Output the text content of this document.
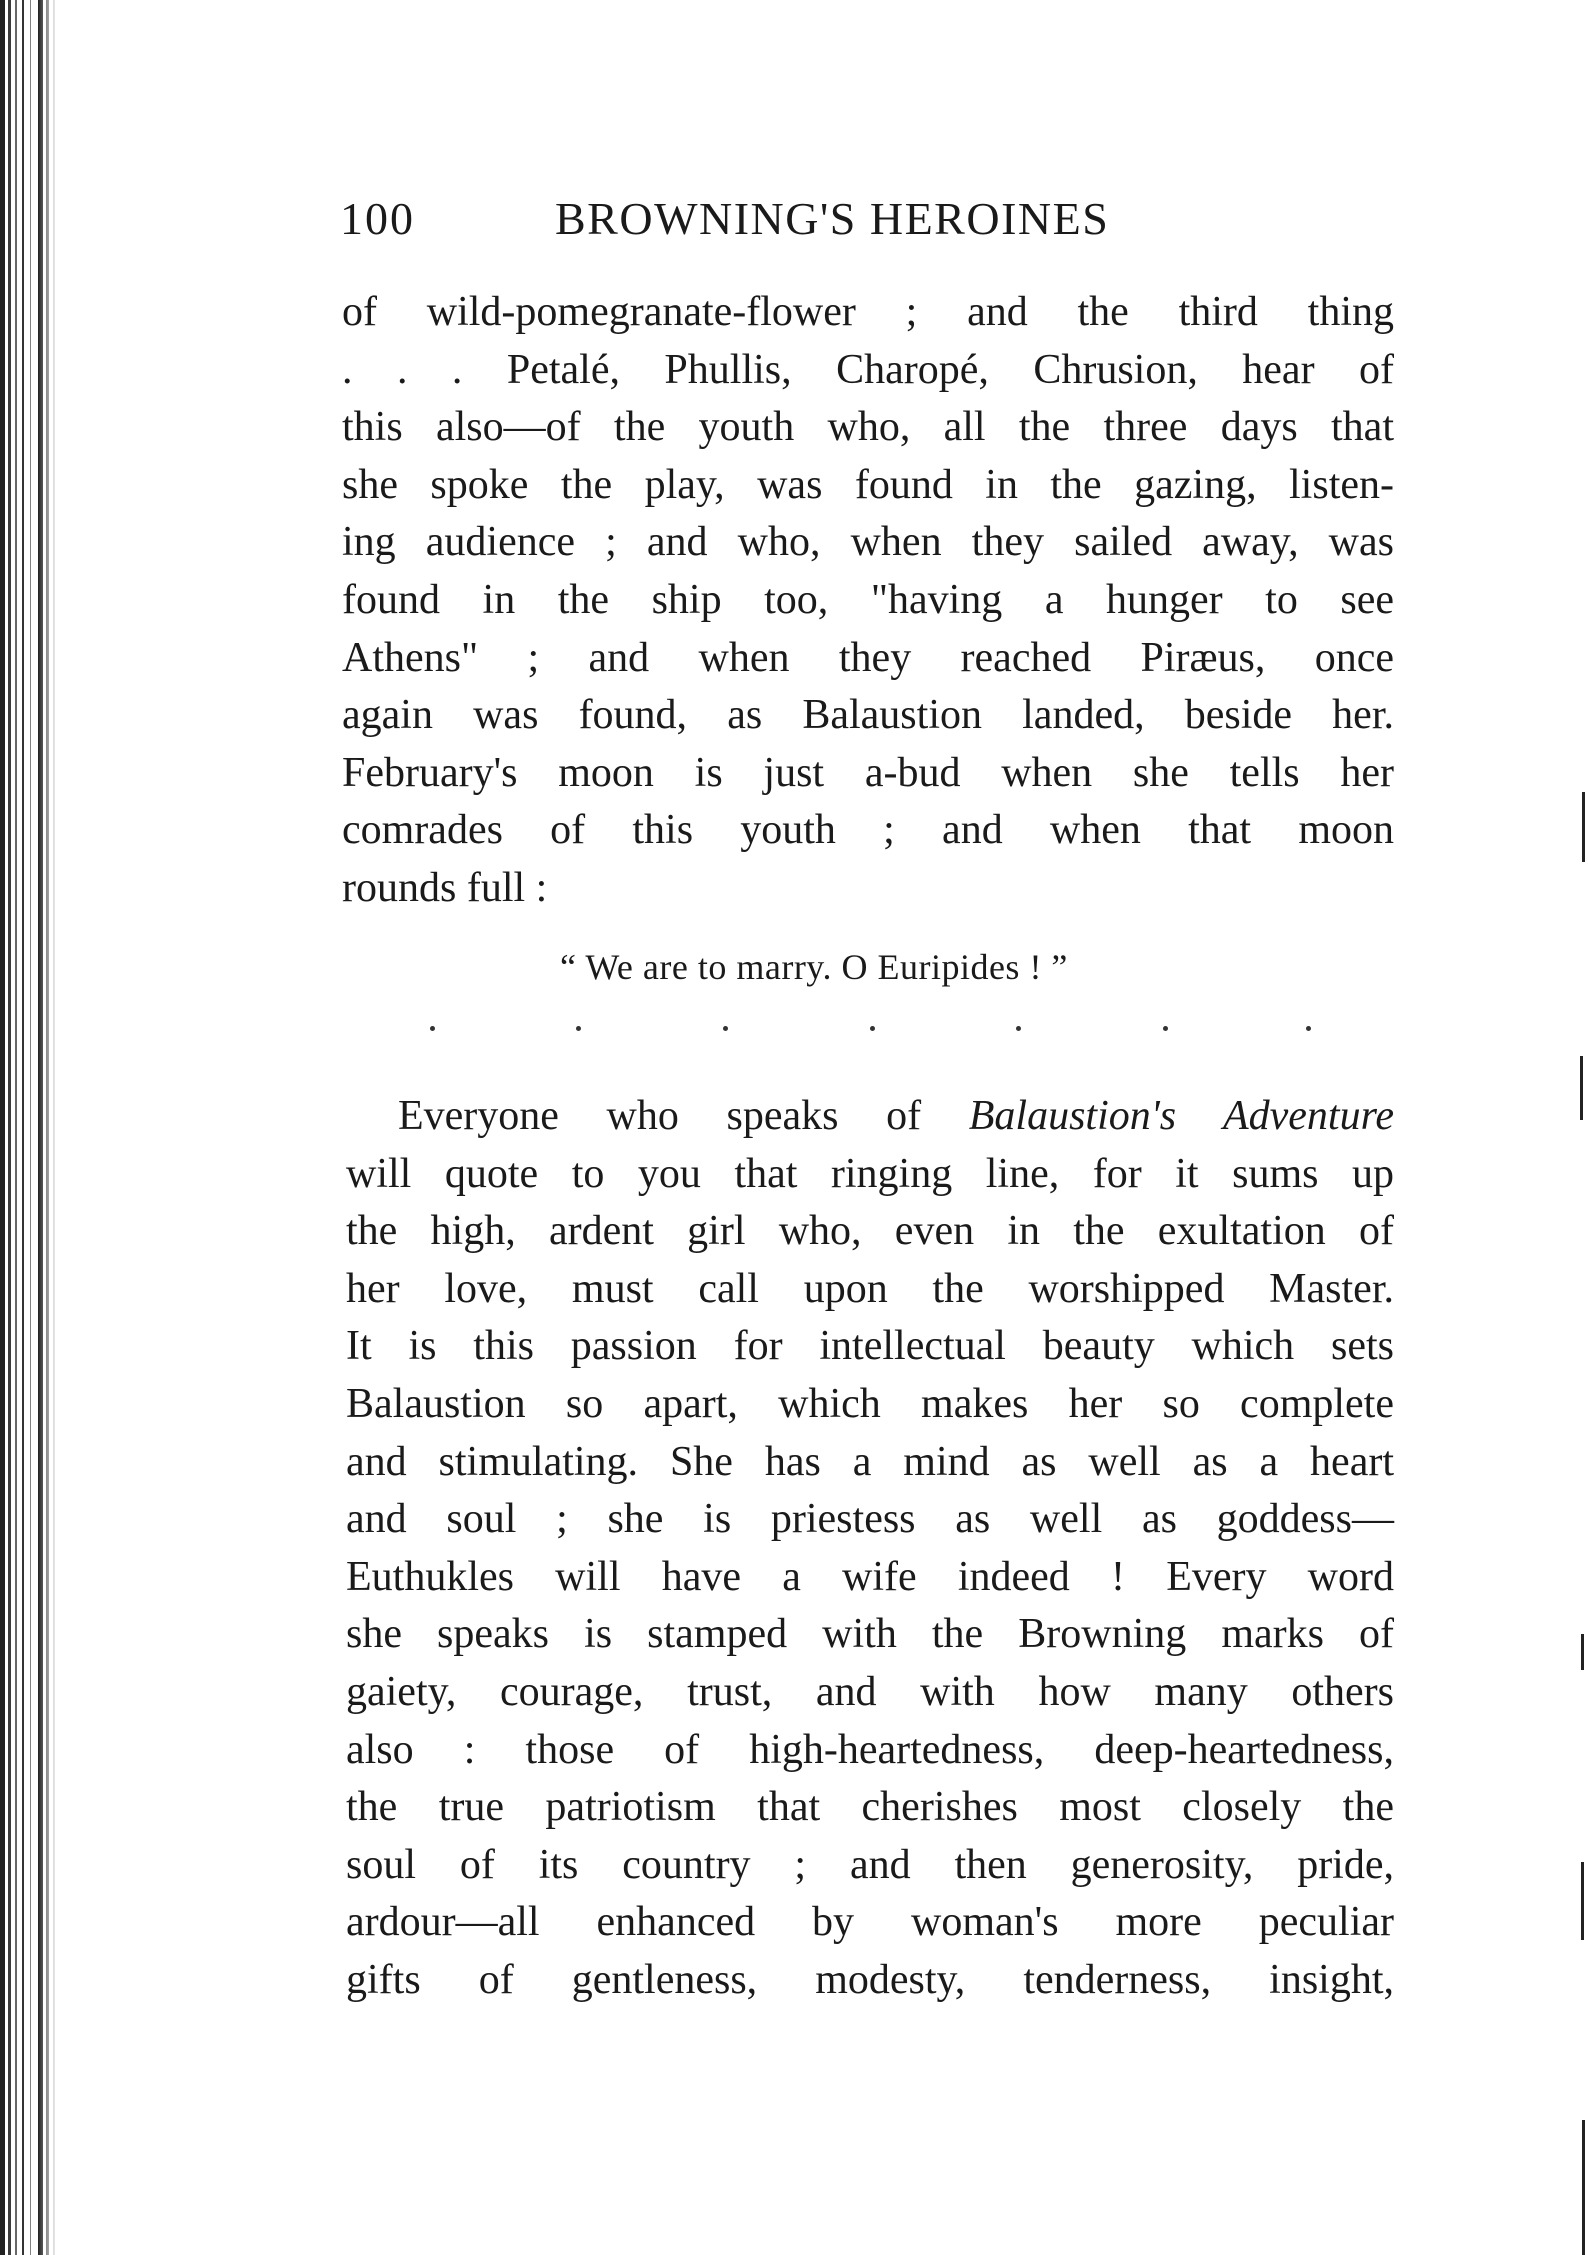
100	BROWNING'S HEROINES
of wild-pomegranate-flower ; and the third thing
. . . Petalé, Phullis, Charopé, Chrusion, hear of
this also—of the youth who, all the three days that
she spoke the play, was found in the gazing, listen-
ing audience ; and who, when they sailed away, was
found in the ship too, "having a hunger to see
Athens" ; and when they reached Piræus, once
again was found, as Balaustion landed, beside her.
February's moon is just a-bud when she tells her
comrades of this youth ; and when that moon
rounds full :
“ We are to marry. O Euripides ! ”
Everyone who speaks of Balaustion's Adventure
will quote to you that ringing line, for it sums up
the high, ardent girl who, even in the exultation of
her love, must call upon the worshipped Master.
It is this passion for intellectual beauty which sets
Balaustion so apart, which makes her so complete
and stimulating. She has a mind as well as a heart
and soul ; she is priestess as well as goddess—
Euthukles will have a wife indeed ! Every word
she speaks is stamped with the Browning marks of
gaiety, courage, trust, and with how many others
also : those of high-heartedness, deep-heartedness,
the true patriotism that cherishes most closely the
soul of its country ; and then generosity, pride,
ardour—all enhanced by woman's more peculiar
gifts of gentleness, modesty, tenderness, insight,
